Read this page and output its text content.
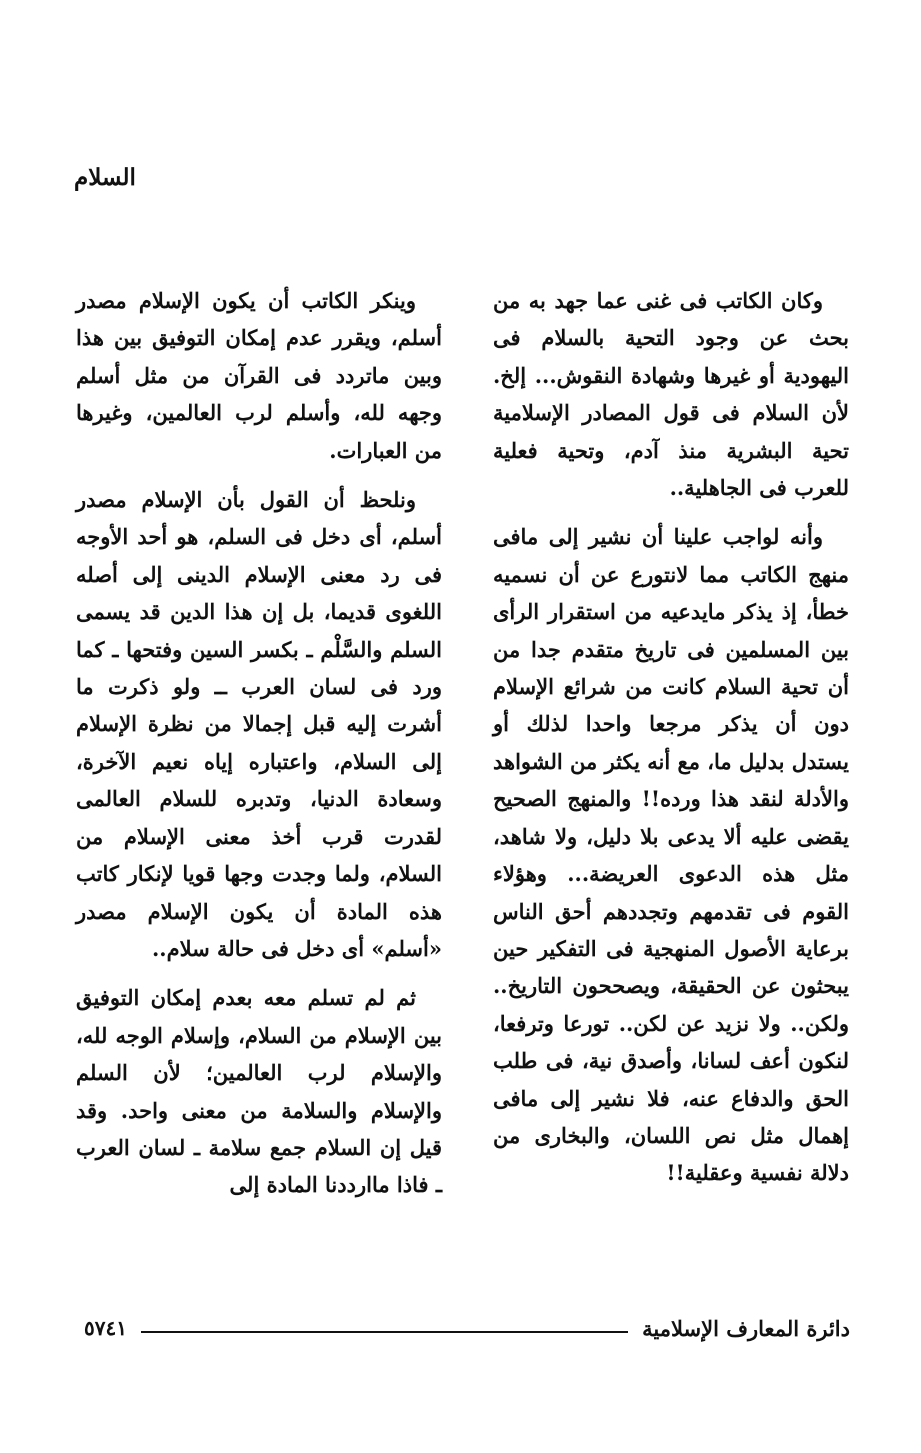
السلام

وكان الكاتب فى غنى عما جهد به من بحث عن وجود التحية بالسلام فى اليهودية أو غيرها وشهادة النقوش... إلخ. لأن السلام فى قول المصادر الإسلامية تحية البشرية منذ آدم، وتحية فعلية للعرب فى الجاهلية..

وأنه لواجب علينا أن نشير إلى مافى منهج الكاتب مما لانتورع عن أن نسميه خطأ، إذ يذكر مايدعيه من استقرار الرأى بين المسلمين فى تاريخ متقدم جدا من أن تحية السلام كانت من شرائع الإسلام دون أن يذكر مرجعا واحدا لذلك أو يستدل بدليل ما، مع أنه يكثر من الشواهد والأدلة لنقد هذا ورده!! والمنهج الصحيح يقضى عليه ألا يدعى بلا دليل، ولا شاهد، مثل هذه الدعوى العريضة... وهؤلاء القوم فى تقدمهم وتجددهم أحق الناس برعاية الأصول المنهجية فى التفكير حين يبحثون عن الحقيقة، ويصححون التاريخ.. ولكن.. ولا نزيد عن لكن.. تورعا وترفعا، لنكون أعف لسانا، وأصدق نية، فى طلب الحق والدفاع عنه، فلا نشير إلى مافى إهمال مثل نص اللسان، والبخارى من دلالة نفسية وعقلية!!

وينكر الكاتب أن يكون الإسلام مصدر أسلم، ويقرر عدم إمكان التوفيق بين هذا وبين ماتردد فى القرآن من مثل أسلم وجهه لله، وأسلم لرب العالمين، وغيرها من العبارات.

ونلحظ أن القول بأن الإسلام مصدر أسلم، أى دخل فى السلم، هو أحد الأوجه فى رد معنى الإسلام الدينى إلى أصله اللغوى قديما، بل إن هذا الدين قد يسمى السلم والسَّلْم ـ بكسر السين وفتحها ـ كما ورد فى لسان العرب ــ ولو ذكرت ما أشرت إليه قبل إجمالا من نظرة الإسلام إلى السلام، واعتباره إياه نعيم الآخرة، وسعادة الدنيا، وتدبره للسلام العالمى لقدرت قرب أخذ معنى الإسلام من السلام، ولما وجدت وجها قويا لإنكار كاتب هذه المادة أن يكون الإسلام مصدر «أسلم» أى دخل فى حالة سلام..

ثم لم تسلم معه بعدم إمكان التوفيق بين الإسلام من السلام، وإسلام الوجه لله، والإسلام لرب العالمين؛ لأن السلم والإسلام والسلامة من معنى واحد. وقد قيل إن السلام جمع سلامة ـ لسان العرب ـ فاذا ماارددنا المادة إلى

دائرة المعارف الإسلامية
٥٧٤١
